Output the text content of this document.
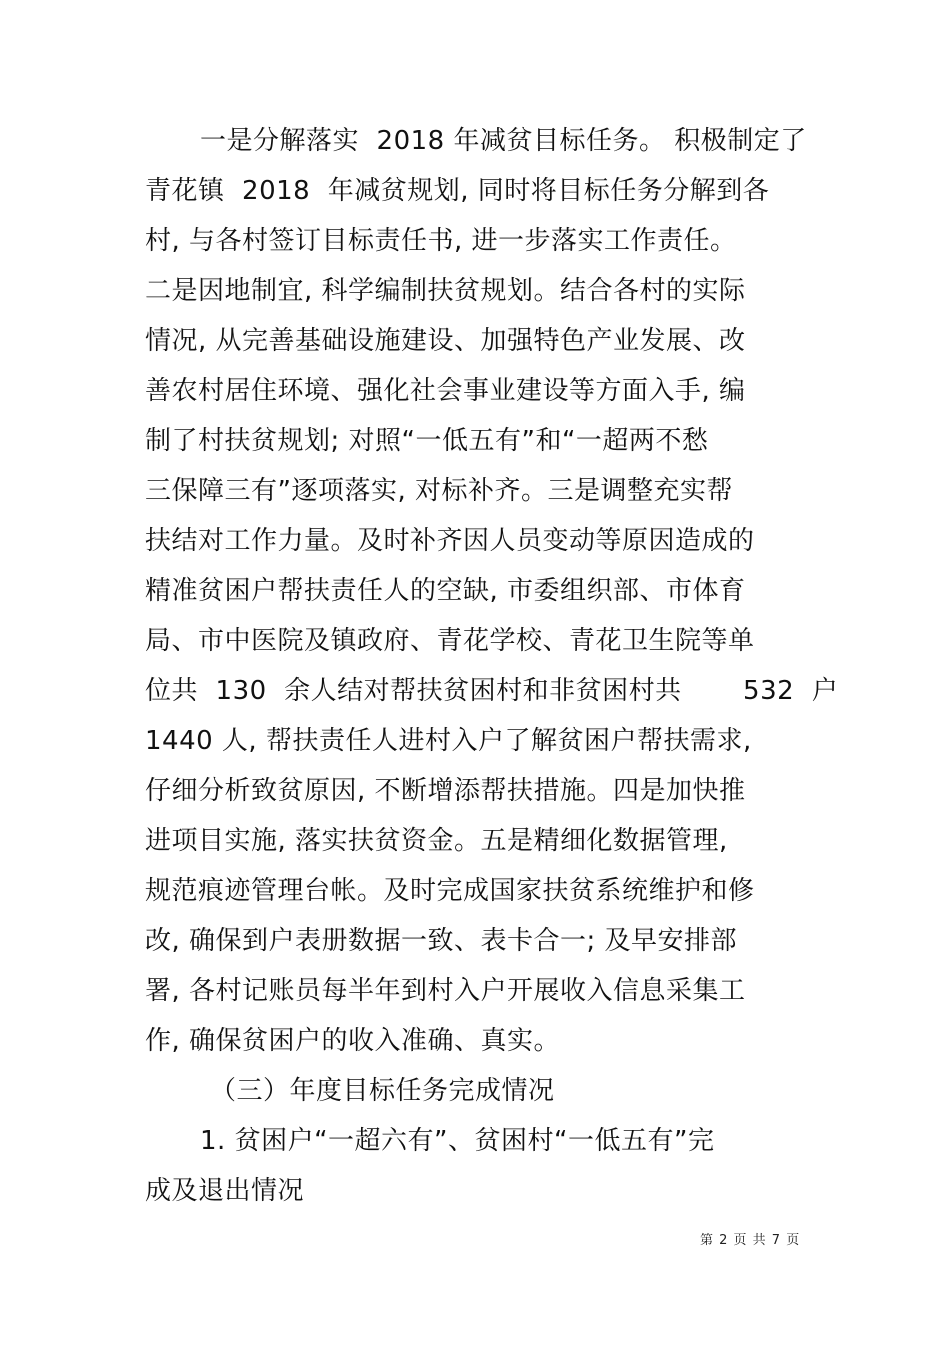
一是分解落实  2018 年减贫目标任务。 积极制定了
青花镇  2018  年减贫规划, 同时将目标任务分解到各
村, 与各村签订目标责任书, 进一步落实工作责任。
二是因地制宜, 科学编制扶贫规划。结合各村的实际
情况, 从完善基础设施建设、加强特色产业发展、改
善农村居住环境、强化社会事业建设等方面入手, 编
制了村扶贫规划; 对照“一低五有”和“一超两不愁
三保障三有”逐项落实, 对标补齐。三是调整充实帮
扶结对工作力量。及时补齐因人员变动等原因造成的
精准贫困户帮扶责任人的空缺, 市委组织部、市体育
局、市中医院及镇政府、青花学校、青花卫生院等单
位共  130  余人结对帮扶贫困村和非贫困村共       532  户
1440 人, 帮扶责任人进村入户了解贫困户帮扶需求,
仔细分析致贫原因, 不断增添帮扶措施。四是加快推
进项目实施, 落实扶贫资金。五是精细化数据管理,
规范痕迹管理台帐。及时完成国家扶贫系统维护和修
改, 确保到户表册数据一致、表卡合一; 及早安排部
署, 各村记账员每半年到村入户开展收入信息采集工
作, 确保贫困户的收入准确、真实。
（三）年度目标任务完成情况
1. 贫困户“一超六有”、贫困村“一低五有”完
成及退出情况
第 2 页 共 7 页
